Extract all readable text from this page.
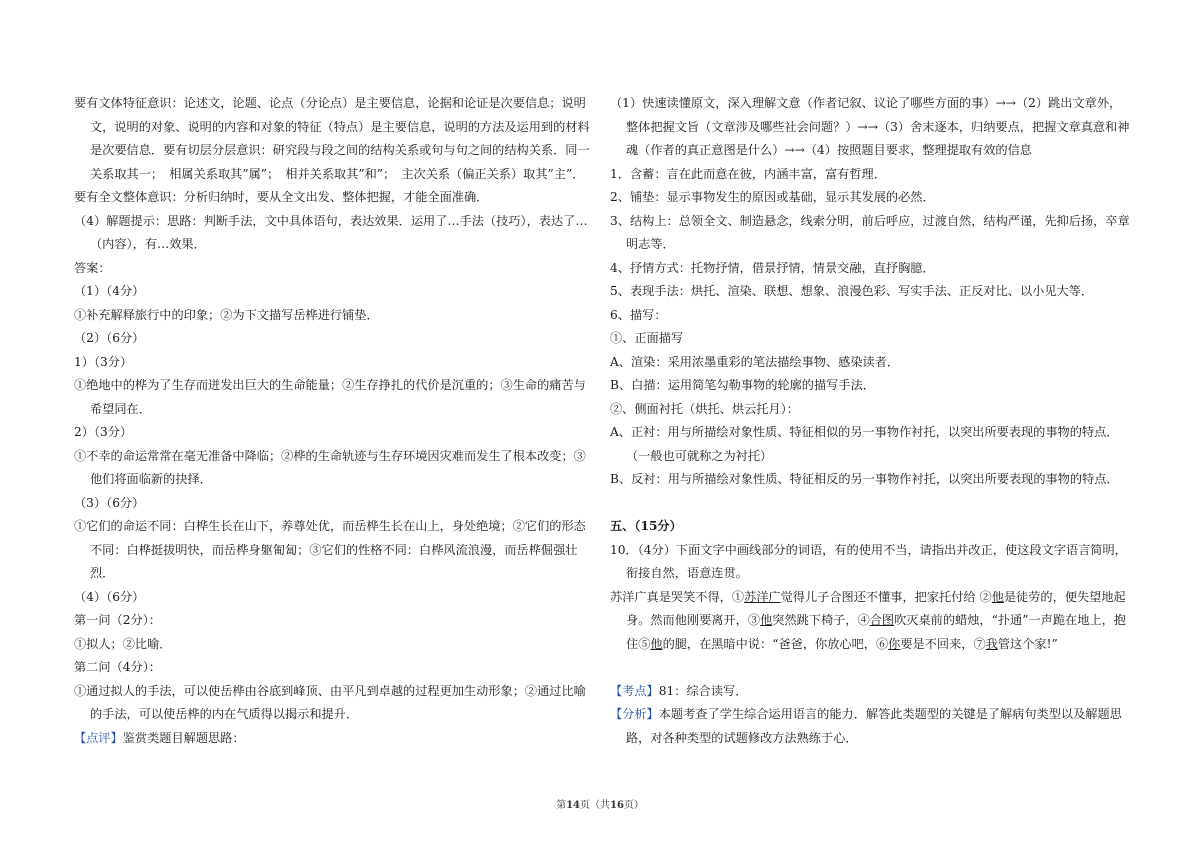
要有文体特征意识：论述文，论题、论点（分论点）是主要信息，论据和论证是次要信息；说明文，说明的对象、说明的内容和对象的特征（特点）是主要信息，说明的方法及运用到的材料是次要信息．要有切层分层意识：研究段与段之间的结构关系或句与句之间的结构关系．同一关系取其一；　相属关系取其”属”；　相并关系取其”和”；　主次关系（偏正关系）取其”主”．

要有全文整体意识：分析归纳时，要从全文出发、整体把握，才能全面准确．

（4）解题提示：思路：判断手法，文中具体语句，表达效果．运用了…手法（技巧），表达了…（内容），有…效果．

答案：

（1）（4分）

①补充解释旅行中的印象；②为下文描写岳桦进行铺垫．

（2）（6分）

1）（3分）

①绝地中的桦为了生存而迸发出巨大的生命能量；②生存挣扎的代价是沉重的；③生命的痛苦与希望同在．

2）（3分）

①不幸的命运常常在毫无准备中降临；②桦的生命轨迹与生存环境因灾难而发生了根本改变；③他们将面临新的抉择．

（3）（6分）

①它们的命运不同：白桦生长在山下，养尊处优，而岳桦生长在山上，身处绝境；②它们的形态不同：白桦挺拔明快，而岳桦身躯匍匐；③它们的性格不同：白桦风流浪漫，而岳桦倔强壮烈．

（4）（6分）

第一问（2分）：

①拟人；②比喻．

第二问（4分）：

①通过拟人的手法，可以使岳桦由谷底到峰顶、由平凡到卓越的过程更加生动形象；②通过比喻的手法，可以使岳桦的内在气质得以揭示和提升．

【点评】鉴赏类题目解题思路：

（1）快速读懂原文，深入理解文意（作者记叙、议论了哪些方面的事）→→（2）跳出文章外，整体把握文旨（文章涉及哪些社会问题？）→→（3）舍末逐本，归纳要点，把握文章真意和神魂（作者的真正意图是什么）→→（4）按照题目要求，整理提取有效的信息

1．含蓄：言在此而意在彼，内涵丰富，富有哲理．

2、铺垫：显示事物发生的原因或基础，显示其发展的必然．

3、结构上：总领全文、制造悬念，线索分明，前后呼应，过渡自然，结构严谨，先抑后扬，卒章明志等．

4、抒情方式：托物抒情，借景抒情，情景交融，直抒胸臆．

5、表现手法：烘托、渲染、联想、想象、浪漫色彩、写实手法、正反对比、以小见大等．

6、描写：

①、正面描写

A、渲染：采用浓墨重彩的笔法描绘事物、感染读者．

B、白描：运用简笔勾勒事物的轮廓的描写手法．

②、侧面衬托（烘托、烘云托月）：

A、正衬：用与所描绘对象性质、特征相似的另一事物作衬托，以突出所要表现的事物的特点．（一般也可就称之为衬托）

B、反衬：用与所描绘对象性质、特征相反的另一事物作衬托，以突出所要表现的事物的特点．

五、（15分）

10．（4分）下面文字中画线部分的词语，有的使用不当，请指出并改正，使这段文字语言简明，衔接自然，语意连贯。

苏洋广真是哭笑不得，①苏洋广觉得儿子合图还不懂事，把家托付给 ②他是徒劳的，便失望地起身。然而他刚要离开，③他突然跳下椅子，④合图吹灭桌前的蜡烛，“扑通”一声跪在地上，抱住⑤他的腿，在黑暗中说：“爸爸，你放心吧，⑥你要是不回来，⑦我管这个家!”

【考点】81：综合读写．

【分析】本题考查了学生综合运用语言的能力．解答此类题型的关键是了解病句类型以及解题思路，对各种类型的试题修改方法熟练于心．

第14页（共16页）
